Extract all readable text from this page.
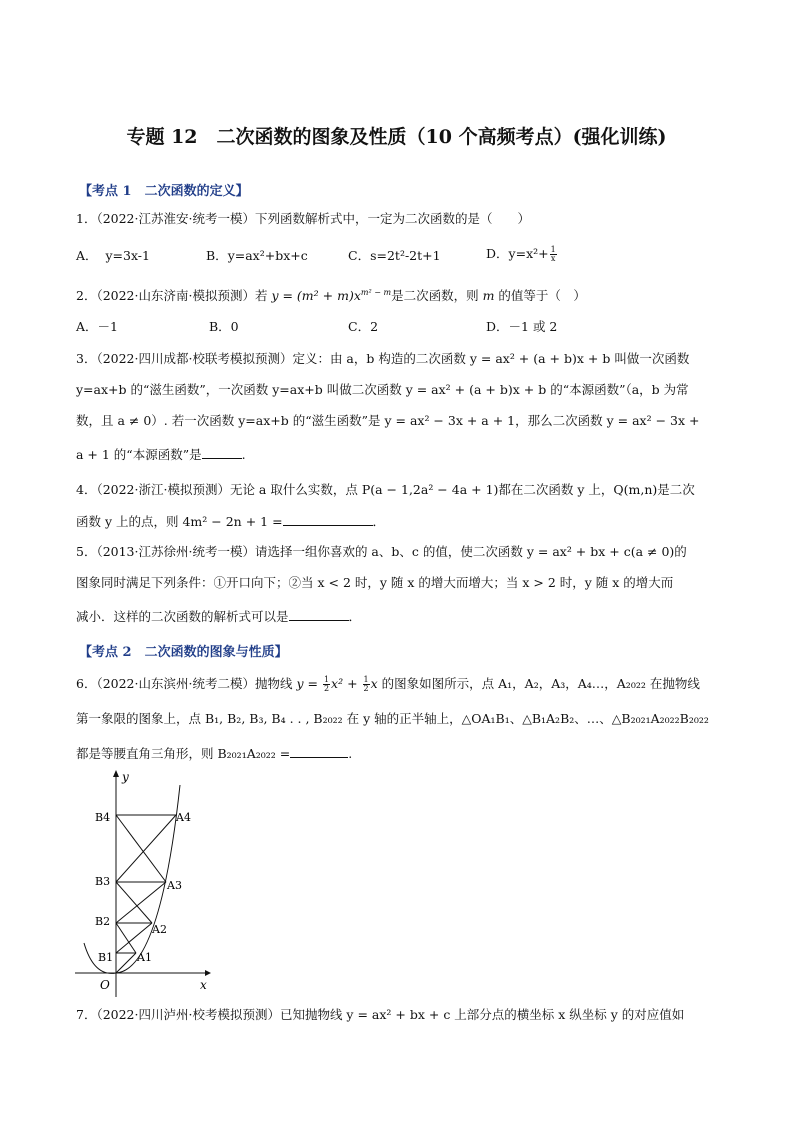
专题 12　二次函数的图象及性质（10 个高频考点）(强化训练)
【考点 1　二次函数的定义】
1．（2022·江苏淮安·统考一模）下列函数解析式中，一定为二次函数的是（　　）
A． y=3x-1	B．y=ax²+bx+c	C．s=2t²-2t+1	D．$y=x^2+ \frac{1}{x}$
2．（2022·山东济南·模拟预测）若 $y = (m^2 + m)x^{m^2 - m}$是二次函数，则 m 的值等于（　）
A．－1	B．0	C．2	D．－1 或 2
3．（2022·四川成都·校联考模拟预测）定义：由 a，b 构造的二次函数 y = ax² + (a + b)x + b 叫做一次函数
y=ax+b 的“滋生函数”，一次函数 y=ax+b 叫做二次函数 y = ax² + (a + b)x + b 的“本源函数”（a，b 为常
数，且 a ≠ 0）. 若一次函数 y=ax+b 的“滋生函数”是 y = ax² − 3x + a + 1，那么二次函数 y = ax² − 3x +
a + 1 的“本源函数”是	.
4．（2022·浙江·模拟预测）无论 a 取什么实数，点 P(a − 1,2a² − 4a + 1)都在二次函数 y 上，Q(m,n)是二次
函数 y 上的点，则 4m² − 2n + 1 =	．
5．（2013·江苏徐州·统考一模）请选择一组你喜欢的 a、b、c 的值，使二次函数 y = ax² + bx + c(a ≠ 0)的
图象同时满足下列条件：①开口向下；②当 x < 2 时，y 随 x 的增大而增大；当 x > 2 时，y 随 x 的增大而
减小．这样的二次函数的解析式可以是	．
【考点 2　二次函数的图象与性质】
6．（2022·山东滨州·统考二模）抛物线 $y = \frac{1}{2} x^2 + \frac{1}{2}$ x 的图象如图所示，点 A₁，A₂，A₃，A₄…，A₂₀₂₂ 在抛物线
第一象限的图象上，点 B₁, B₂, B₃, B₄ . . , B₂₀₂₂ 在 y 轴的正半轴上，△OA₁B₁、△B₁A₂B₂、…、△B₂₀₂₁A₂₀₂₂B₂₀₂₂
都是等腰直角三角形，则 B₂₀₂₁A₂₀₂₂ =	.
y
x
O
B4
B3
B2
B1
A4
A3
A2
A1
7．（2022·四川泸州·校考模拟预测）已知抛物线 y = ax² + bx + c 上部分点的横坐标 x 纵坐标 y 的对应值如
